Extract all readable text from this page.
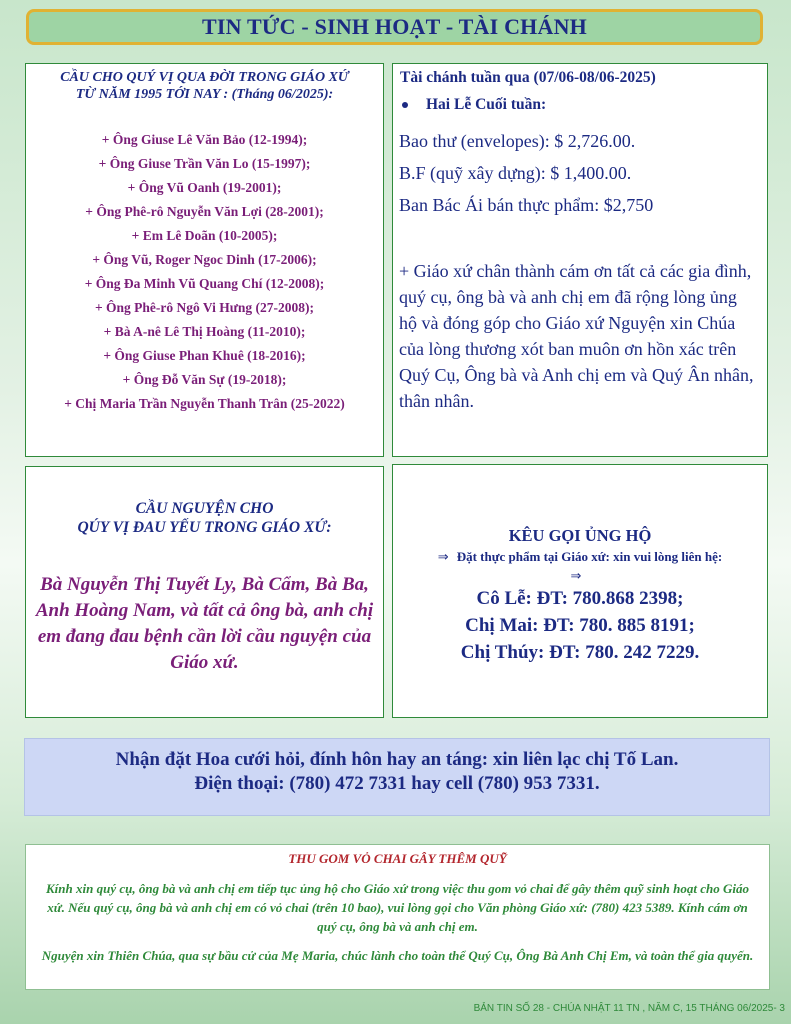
TIN TỨC - SINH HOẠT - TÀI CHÁNH
CẦU CHO QUÝ VỊ QUA ĐỜI TRONG GIÁO XỨ
TỪ NĂM 1995 TỚI NAY : (Tháng 06/2025):
+ Ông Giuse Lê Văn Bảo (12-1994);
+ Ông Giuse Trần Văn Lo (15-1997);
+ Ông Vũ Oanh (19-2001);
+ Ông Phê-rô Nguyễn Văn Lợi (28-2001);
+ Em Lê Doãn (10-2005);
+ Ông Vũ, Roger Ngoc Dinh (17-2006);
+ Ông Đa Minh Vũ Quang Chí (12-2008);
+ Ông Phê-rô Ngô Vi Hưng (27-2008);
+ Bà A-nê Lê Thị Hoàng (11-2010);
+ Ông Giuse Phan Khuê (18-2016);
+ Ông Đỗ Văn Sự (19-2018);
+ Chị Maria Trần Nguyễn Thanh Trân (25-2022)
Tài chánh tuần qua (07/06-08/06-2025)
Hai Lễ Cuối tuần:
Bao thư (envelopes): $ 2,726.00.
B.F (quỹ xây dựng): $ 1,400.00.
Ban Bác Ái bán thực phẩm: $2,750
+ Giáo xứ chân thành cám ơn tất cả các gia đình, quý cụ, ông bà và anh chị em đã rộng lòng ủng hộ và đóng góp cho Giáo xứ Nguyện xin Chúa của lòng thương xót ban muôn ơn hồn xác trên Quý Cụ, Ông bà và Anh chị em và Quý Ân nhân, thân nhân.
CẦU NGUYỆN CHO
QÚY VỊ ĐAU YẾU TRONG GIÁO XỨ:
Bà Nguyễn Thị Tuyết Ly, Bà Cẩm, Bà Ba, Anh Hoàng Nam, và tất cả ông bà, anh chị em đang đau bệnh cần lời cầu nguyện của Giáo xứ.
KÊU GỌI ỦNG HỘ
⇒ Đặt thực phẩm tại Giáo xứ: xin vui lòng liên hệ:
⇒
Cô Lễ: ĐT: 780.868 2398;
Chị Mai: ĐT: 780. 885 8191;
Chị Thúy: ĐT: 780. 242 7229.
Nhận đặt Hoa cưới hỏi, đính hôn hay an táng: xin liên lạc chị Tố Lan.
Điện thoại: (780) 472 7331 hay cell (780) 953 7331.
THU GOM VỎ CHAI GÂY THÊM QUỸ
Kính xin quý cụ, ông bà và anh chị em tiếp tục ủng hộ cho Giáo xứ trong việc thu gom vỏ chai để gây thêm quỹ sinh hoạt cho Giáo xứ. Nếu quý cụ, ông bà và anh chị em có vỏ chai (trên 10 bao), vui lòng gọi cho Văn phòng Giáo xứ: (780) 423 5389. Kính cám ơn quý cụ, ông bà và anh chị em.
Nguyện xin Thiên Chúa, qua sự bầu cử của Mẹ Maria, chúc lành cho toàn thể Quý Cụ, Ông Bà Anh Chị Em, và toàn thể gia quyến.
BẢN TIN SỐ 28 - CHÚA NHẬT 11 TN , NĂM C, 15 THÁNG 06/2025- 3
